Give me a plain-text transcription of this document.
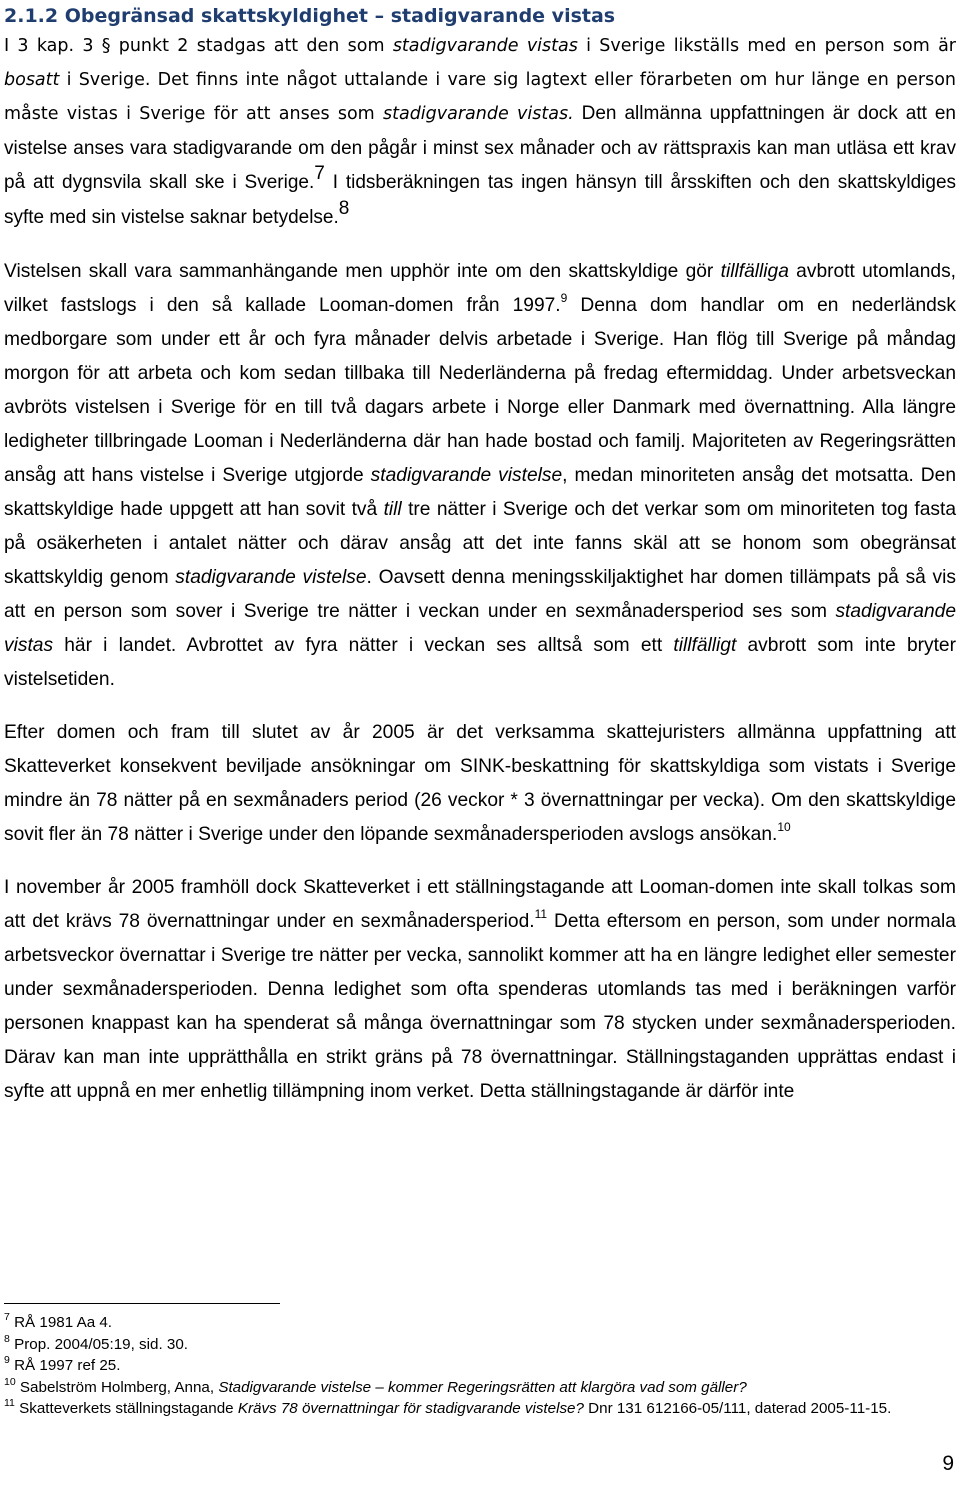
2.1.2 Obegränsad skattskyldighet – stadigvarande vistas

I 3 kap. 3 § punkt 2 stadgas att den som stadigvarande vistas i Sverige likställs med en person som är bosatt i Sverige. Det finns inte något uttalande i vare sig lagtext eller förarbeten om hur länge en person måste vistas i Sverige för att anses som stadigvarande vistas. Den allmänna uppfattningen är dock att en vistelse anses vara stadigvarande om den pågår i minst sex månader och av rättspraxis kan man utläsa ett krav på att dygnsvila skall ske i Sverige.$^7$ I tidsberäkningen tas ingen hänsyn till årsskiften och den skattskyldiges syfte med sin vistelse saknar betydelse.$^8$

Vistelsen skall vara sammanhängande men upphör inte om den skattskyldige gör tillfälliga avbrott utomlands, vilket fastslogs i den så kallade Looman-domen från 1997.$^9$ Denna dom handlar om en nederländsk medborgare som under ett år och fyra månader delvis arbetade i Sverige. Han flög till Sverige på måndag morgon för att arbeta och kom sedan tillbaka till Nederländerna på fredag eftermiddag. Under arbetsveckan avbröts vistelsen i Sverige för en till två dagars arbete i Norge eller Danmark med övernattning. Alla längre ledigheter tillbringade Looman i Nederländerna där han hade bostad och familj. Majoriteten av Regeringsrätten ansåg att hans vistelse i Sverige utgjorde stadigvarande vistelse, medan minoriteten ansåg det motsatta. Den skattskyldige hade uppgett att han sovit två till tre nätter i Sverige och det verkar som om minoriteten tog fasta på osäkerheten i antalet nätter och därav ansåg att det inte fanns skäl att se honom som obegränsat skattskyldig genom stadigvarande vistelse. Oavsett denna meningsskiljaktighet har domen tillämpats på så vis att en person som sover i Sverige tre nätter i veckan under en sexmånadersperiod ses som stadigvarande vistas här i landet. Avbrottet av fyra nätter i veckan ses alltså som ett tillfälligt avbrott som inte bryter vistelsetiden.

Efter domen och fram till slutet av år 2005 är det verksamma skattejuristers allmänna uppfattning att Skatteverket konsekvent beviljade ansökningar om SINK-beskattning för skattskyldiga som vistats i Sverige mindre än 78 nätter på en sexmånaders period (26 veckor * 3 övernattningar per vecka). Om den skattskyldige sovit fler än 78 nätter i Sverige under den löpande sexmånadersperioden avslogs ansökan.$^{10}$

I november år 2005 framhöll dock Skatteverket i ett ställningstagande att Looman-domen inte skall tolkas som att det krävs 78 övernattningar under en sexmånadersperiod.$^{11}$ Detta eftersom en person, som under normala arbetsveckor övernattar i Sverige tre nätter per vecka, sannolikt kommer att ha en längre ledighet eller semester under sexmånadersperioden. Denna ledighet som ofta spenderas utomlands tas med i beräkningen varför personen knappast kan ha spenderat så många övernattningar som 78 stycken under sexmånadersperioden. Därav kan man inte upprätthålla en strikt gräns på 78 övernattningar. Ställningstaganden upprättas endast i syfte att uppnå en mer enhetlig tillämpning inom verket. Detta ställningstagande är därför inte

$^7$ RÅ 1981 Aa 4.
$^8$ Prop. 2004/05:19, sid. 30.
$^9$ RÅ 1997 ref 25.
$^{10}$ Sabelström Holmberg, Anna, Stadigvarande vistelse – kommer Regeringsrätten att klargöra vad som gäller?
$^{11}$ Skatteverkets ställningstagande Krävs 78 övernattningar för stadigvarande vistelse? Dnr 131 612166-05/111, daterad 2005-11-15.
9
